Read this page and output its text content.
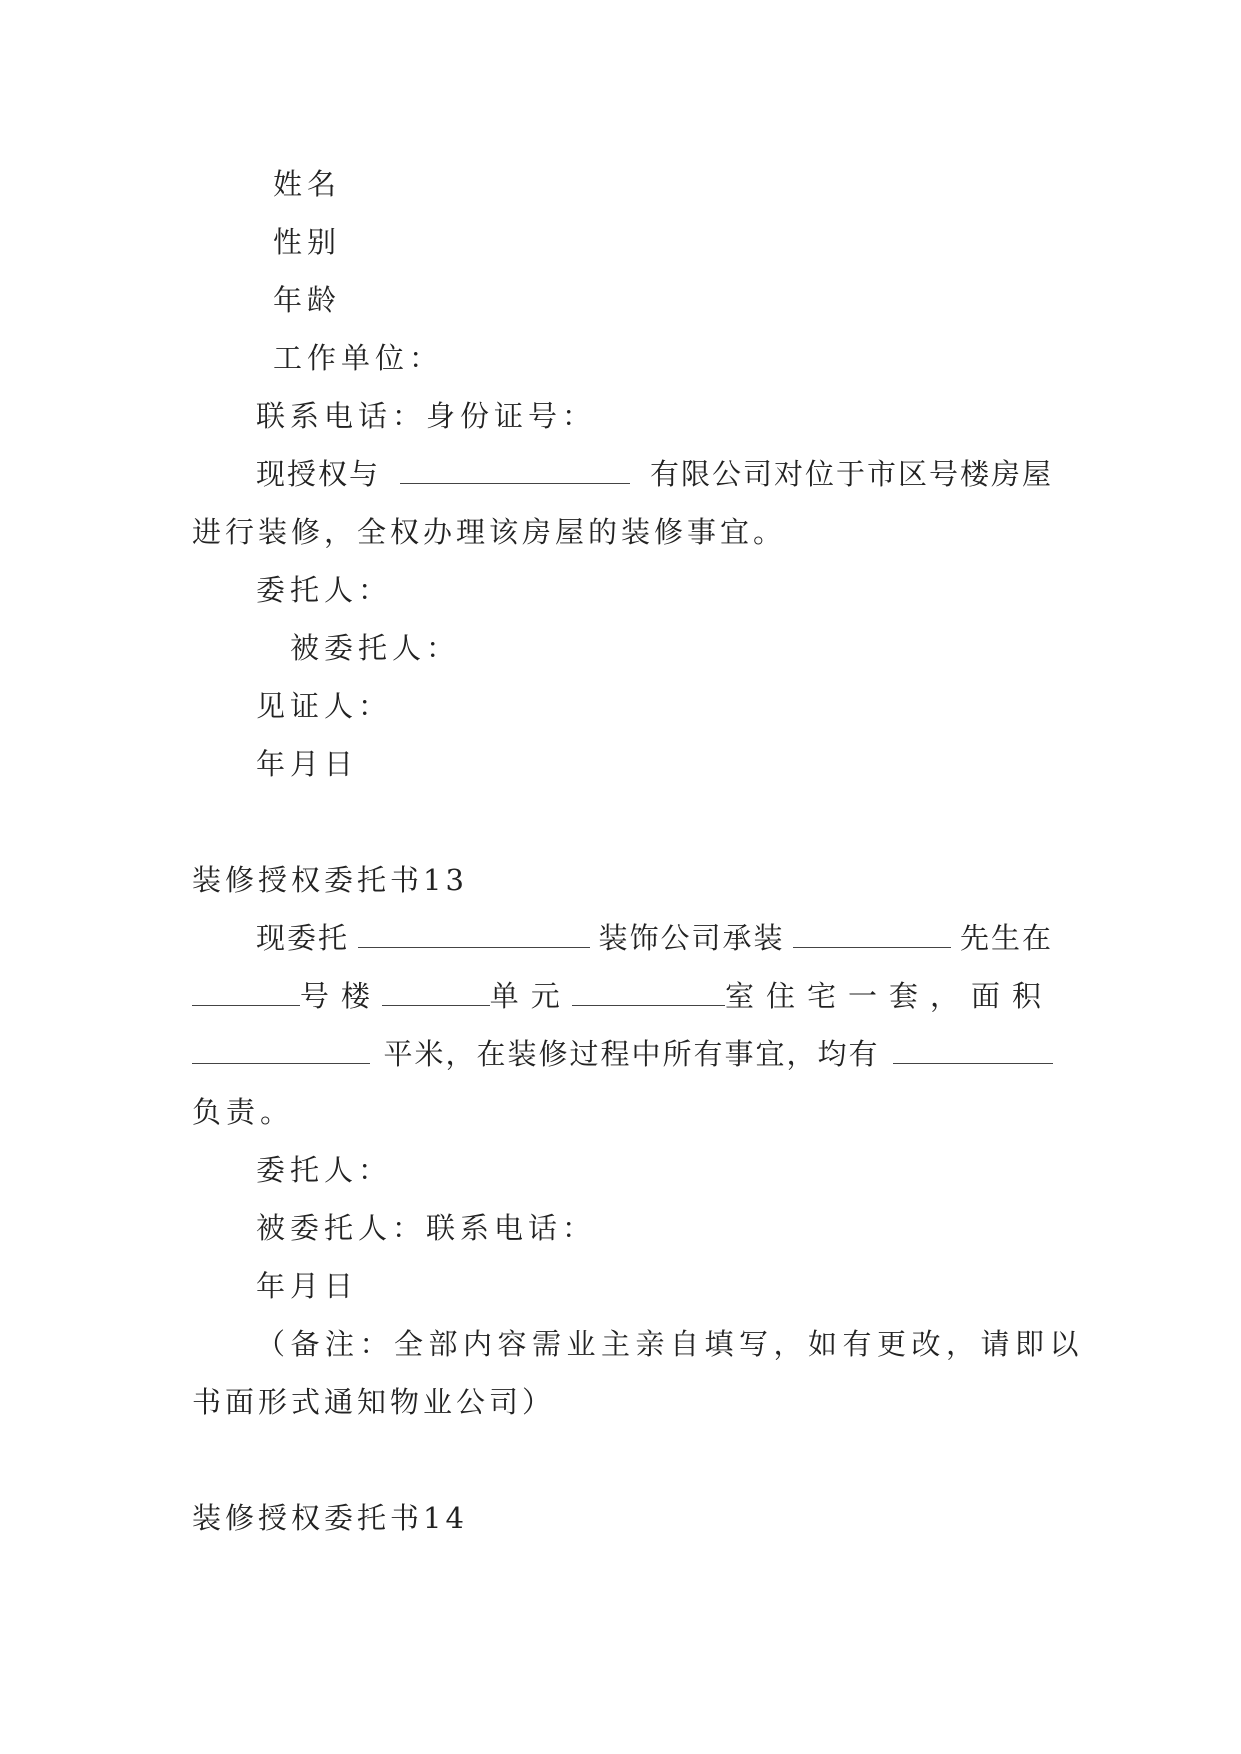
姓名
性别
年龄
工作单位：
联系电话：身份证号：
现授权与	有限公司对位于市区号楼房屋
进行装修，全权办理该房屋的装修事宜。
委托人：
被委托人：
见证人：
年月日
装修授权委托书13
现委托	装饰公司承装	先生在
号楼	单元	室住宅一套，面积
平米，在装修过程中所有事宜，均有
负责。
委托人：
被委托人：联系电话：
年月日
（备注：全部内容需业主亲自填写，如有更改，请即以
书面形式通知物业公司）
装修授权委托书14
